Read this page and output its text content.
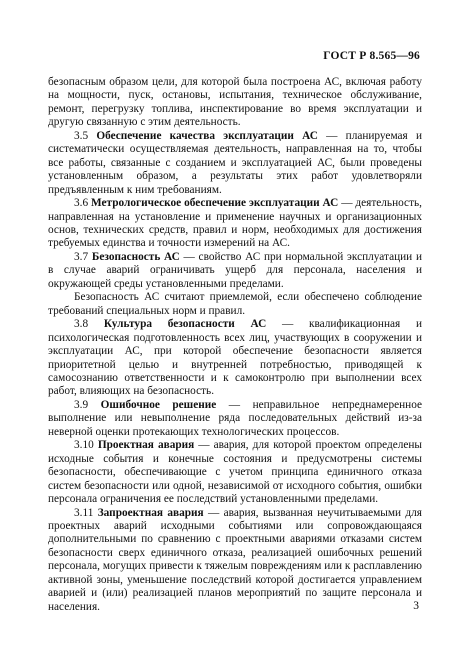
ГОСТ Р 8.565—96

безопасным образом цели, для которой была построена АС, включая работу на мощности, пуск, остановы, испытания, техническое обслуживание, ремонт, перегрузку топлива, инспектирование во время эксплуатации и другую связанную с этим деятельность.

3.5 Обеспечение качества эксплуатации АС — планируемая и систематически осуществляемая деятельность, направленная на то, чтобы все работы, связанные с созданием и эксплуатацией АС, были проведены установленным образом, а результаты этих работ удовлетворяли предъявленным к ним требованиям.

3.6 Метрологическое обеспечение эксплуатации АС — деятельность, направленная на установление и применение научных и организационных основ, технических средств, правил и норм, необходимых для достижения требуемых единства и точности измерений на АС.

3.7 Безопасность АС — свойство АС при нормальной эксплуатации и в случае аварий ограничивать ущерб для персонала, населения и окружающей среды установленными пределами.

Безопасность АС считают приемлемой, если обеспечено соблюдение требований специальных норм и правил.

3.8 Культура безопасности АС — квалификационная и психологическая подготовленность всех лиц, участвующих в сооружении и эксплуатации АС, при которой обеспечение безопасности является приоритетной целью и внутренней потребностью, приводящей к самосознанию ответственности и к самоконтролю при выполнении всех работ, влияющих на безопасность.

3.9 Ошибочное решение — неправильное непреднамеренное выполнение или невыполнение ряда последовательных действий из-за неверной оценки протекающих технологических процессов.

3.10 Проектная авария — авария, для которой проектом определены исходные события и конечные состояния и предусмотрены системы безопасности, обеспечивающие с учетом принципа единичного отказа систем безопасности или одной, независимой от исходного события, ошибки персонала ограничения ее последствий установленными пределами.

3.11 Запроектная авария — авария, вызванная неучитываемыми для проектных аварий исходными событиями или сопровождающаяся дополнительными по сравнению с проектными авариями отказами систем безопасности сверх единичного отказа, реализацией ошибочных решений персонала, могущих привести к тяжелым повреждениям или к расплавлению активной зоны, уменьшение последствий которой достигается управлением аварией и (или) реализацией планов мероприятий по защите персонала и населения.	3
